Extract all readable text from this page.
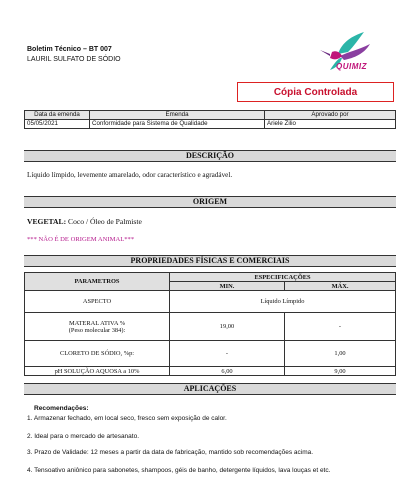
Boletim Técnico – BT 007
LAURIL SULFATO DE SÓDIO
QUIMIZ
Cópia Controlada
Data da emenda	Emenda	Aprovado por
05/05/2021	Conformidade para Sistema de Qualidade	Ariele Zilio
DESCRIÇÃO
Líquido límpido, levemente amarelado, odor característico e agradável.
ORIGEM
VEGETAL: Coco / Óleo de Palmiste
*** NÃO É DE ORIGEM ANIMAL***
PROPRIEDADES FÍSICAS E COMERCIAIS
PARAMETROS	ESPECIFICAÇÕES	
	MIN.	MÁX.
ASPECTO	Líquido Límpido	

MATERAL ATIVA %
(Peso molecular 384):	19,00	-
CLORETO DE SÓDIO, %p:	-	1,00
pH SOLUÇÃO AQUOSA a 10%	6,00	9,00
APLICAÇÕES
Recomendações:
1. Armazenar fechado, em local seco, fresco sem exposição de calor.
2. Ideal para o mercado de artesanato.
3. Prazo de Validade: 12 meses a partir da data de fabricação, mantido sob recomendações acima.
4. Tensoativo aniônico para sabonetes, shampoos, géis de banho, detergente líquidos, lava louças et etc.
